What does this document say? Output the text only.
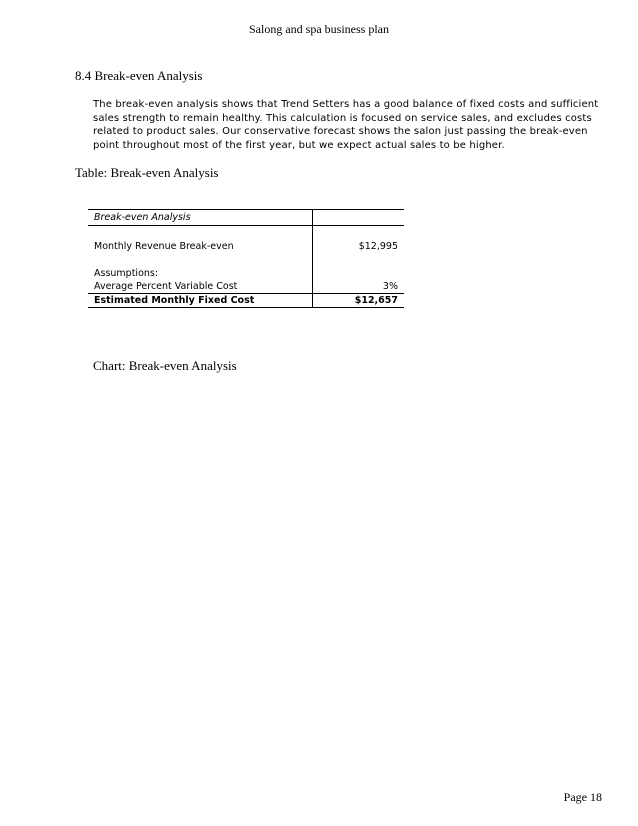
Salong and spa business plan
8.4 Break-even Analysis

The break-even analysis shows that Trend Setters has a good balance of fixed costs and sufficient sales strength to remain healthy. This calculation is focused on service sales, and excludes costs related to product sales. Our conservative forecast shows the salon just passing the break-even point throughout most of the first year, but we expect actual sales to be higher.

Table: Break-even Analysis
Break-even Analysis	

Monthly Revenue Break-even	$12,995

Assumptions:	
Average Percent Variable Cost	3%
Estimated Monthly Fixed Cost	$12,657
Chart: Break-even Analysis
Page 18
